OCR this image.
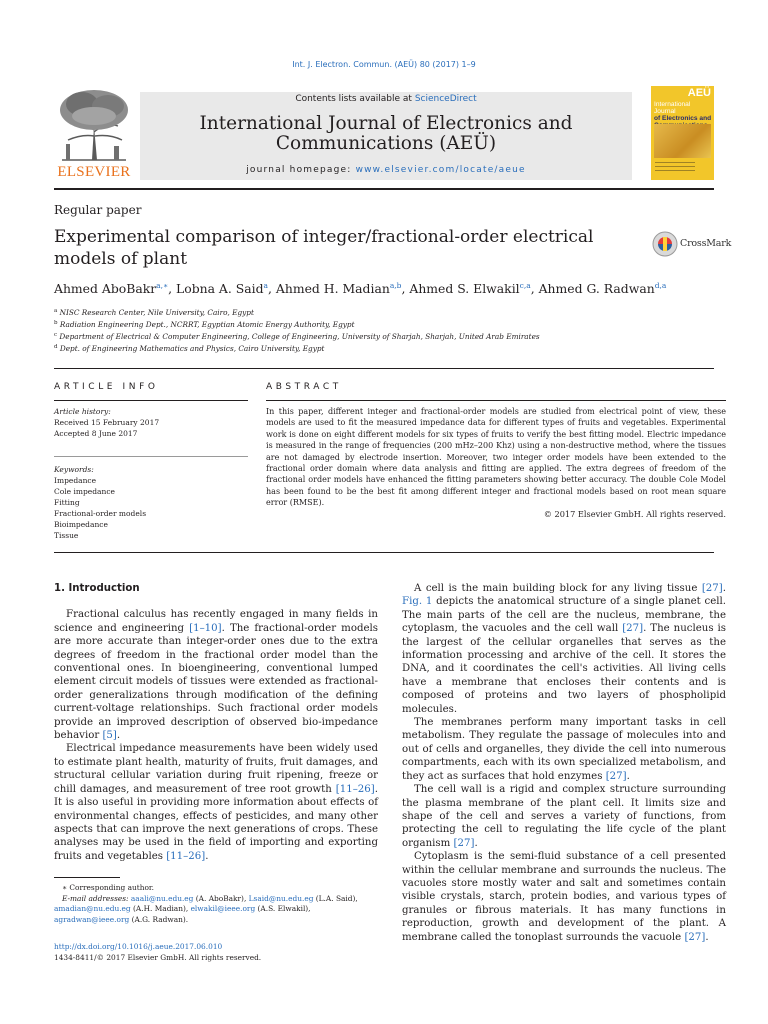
Int. J. Electron. Commun. (AEÜ) 80 (2017) 1–9
ELSEVIER
Contents lists available at ScienceDirect
International Journal of Electronics and
Communications (AEÜ)
journal homepage: www.elsevier.com/locate/aeue
AEÜ
International Journal
of Electronics and
Regular paper
Experimental comparison of integer/fractional-order electrical models of plant
CrossMark
Ahmed AboBakr$^{a,∗}$, Lobna A. Said$^a$, Ahmed H. Madian$^{a,b}$, Ahmed S. Elwakil$^{c,a}$, Ahmed G. Radwan$^{d,a}$
$^a$ NISC Research Center, Nile University, Cairo, Egypt
$^b$ Radiation Engineering Dept., NCRRT, Egyptian Atomic Energy Authority, Egypt
$^c$ Department of Electrical & Computer Engineering, College of Engineering, University of Sharjah, Sharjah, United Arab Emirates
$^d$ Dept. of Engineering Mathematics and Physics, Cairo University, Egypt
ARTICLE INFO	ABSTRACT
Article history:
Received 15 February 2017
Accepted 8 June 2017
Keywords:
Impedance
Cole impedance
Fitting
Fractional-order models
Bioimpedance
Tissue
In this paper, different integer and fractional-order models are studied from electrical point of view, these models are used to fit the measured impedance data for different types of fruits and vegetables. Experimental work is done on eight different models for six types of fruits to verify the best fitting model. Electric impedance is measured in the range of frequencies (200 mHz–200 Khz) using a non-destructive method, where the tissues are not damaged by electrode insertion. Moreover, two integer order models have been extended to the fractional order domain where data analysis and fitting are applied. The extra degrees of freedom of the fractional order models have enhanced the fitting parameters showing better accuracy. The double Cole Model has been found to be the best fit among different integer and fractional models based on root mean square error (RMSE).
© 2017 Elsevier GmbH. All rights reserved.
1. Introduction

Fractional calculus has recently engaged in many fields in science and engineering [1–10]. The fractional-order models are more accurate than integer-order ones due to the extra degrees of freedom in the fractional order model than the conventional ones. In bioengineering, conventional lumped element circuit models of tissues were extended as fractional-order generalizations through modification of the defining current-voltage relationships. Such fractional order models provide an improved description of observed bio-impedance behavior [5].

Electrical impedance measurements have been widely used to estimate plant health, maturity of fruits, fruit damages, and structural cellular variation during fruit ripening, freeze or chill damages, and measurement of tree root growth [11–26]. It is also useful in providing more information about effects of environmental changes, effects of pesticides, and many other aspects that can improve the next generations of crops. These analyses may be used in the field of importing and exporting fruits and vegetables [11–26].

A cell is the main building block for any living tissue [27]. Fig. 1 depicts the anatomical structure of a single planet cell. The main parts of the cell are the nucleus, membrane, the cytoplasm, the vacuoles and the cell wall [27]. The nucleus is the largest of the cellular organelles that serves as the information processing and archive of the cell. It stores the DNA, and it coordinates the cell's activities. All living cells have a membrane that encloses their contents and is composed of proteins and two layers of phospholipid molecules.

The membranes perform many important tasks in cell metabolism. They regulate the passage of molecules into and out of cells and organelles, they divide the cell into numerous compartments, each with its own specialized metabolism, and they act as surfaces that hold enzymes [27].

The cell wall is a rigid and complex structure surrounding the plasma membrane of the plant cell. It limits size and shape of the cell and serves a variety of functions, from protecting the cell to regulating the life cycle of the plant organism [27].

Cytoplasm is the semi-fluid substance of a cell presented within the cellular membrane and surrounds the nucleus. The vacuoles store mostly water and salt and sometimes contain visible crystals, starch, protein bodies, and various types of granules or fibrous materials. It has many functions in reproduction, growth and development of the plant. A membrane called the tonoplast surrounds the vacuole [27].

∗ Corresponding author.
E-mail addresses: aaali@nu.edu.eg (A. AboBakr), Lsaid@nu.edu.eg (L.A. Said), amadian@nu.edu.eg (A.H. Madian), elwakil@ieee.org (A.S. Elwakil), agradwan@ieee.org (A.G. Radwan).
http://dx.doi.org/10.1016/j.aeue.2017.06.010
1434-8411/© 2017 Elsevier GmbH. All rights reserved.
